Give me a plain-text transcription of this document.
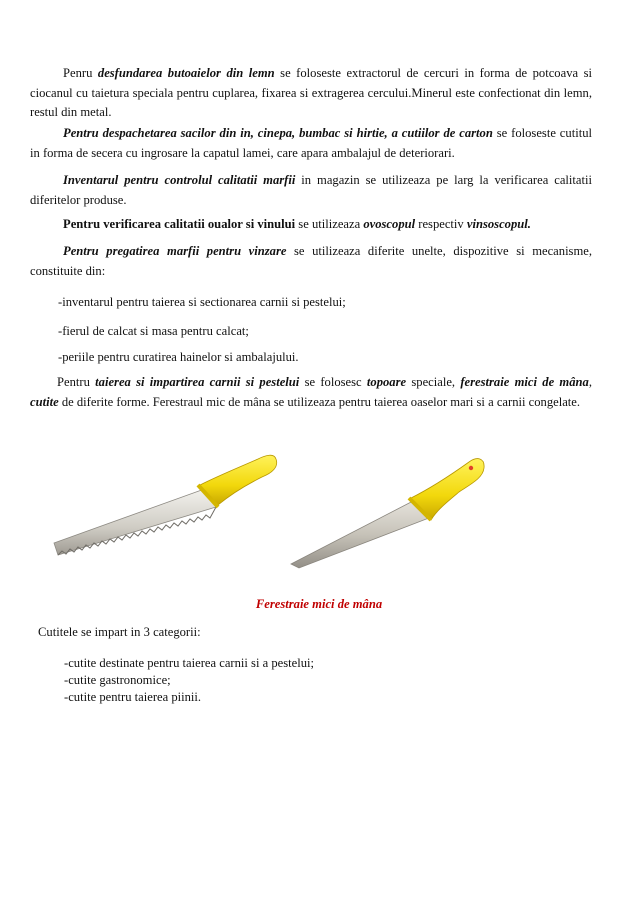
Penru desfundarea butoaielor din lemn se foloseste extractorul de cercuri in forma de potcoava si ciocanul cu taietura speciala pentru cuplarea, fixarea si extragerea cercului.Minerul este confectionat din lemn, restul din metal.

Pentru despachetarea sacilor din in, cinepa, bumbac si hirtie, a cutiilor de carton se foloseste cutitul in forma de secera cu ingrosare la capatul lamei, care apara ambalajul de deteriorari.

Inventarul pentru controlul calitatii marfii in magazin se utilizeaza pe larg la verificarea calitatii diferitelor produse.

Pentru verificarea calitatii oualor si vinului se utilizeaza ovoscopul respectiv vinsoscopul.

Pentru pregatirea marfii pentru vinzare se utilizeaza diferite unelte, dispozitive si mecanisme, constituite din:

-inventarul pentru taierea si sectionarea carnii si pestelui;

-fierul de calcat si masa pentru calcat;

-periile pentru curatirea hainelor si ambalajului.

Pentru taierea si impartirea carnii si pestelui se folosesc topoare speciale, ferestraie mici de mâna, cutite de diferite forme. Ferestraul mic de mâna se utilizeaza pentru taierea oaselor mari si a carnii congelate.

Ferestraie mici de mâna

Cutitele se impart in 3 categorii:

-cutite destinate pentru taierea carnii si a pestelui;

-cutite gastronomice;

-cutite pentru taierea piinii.
